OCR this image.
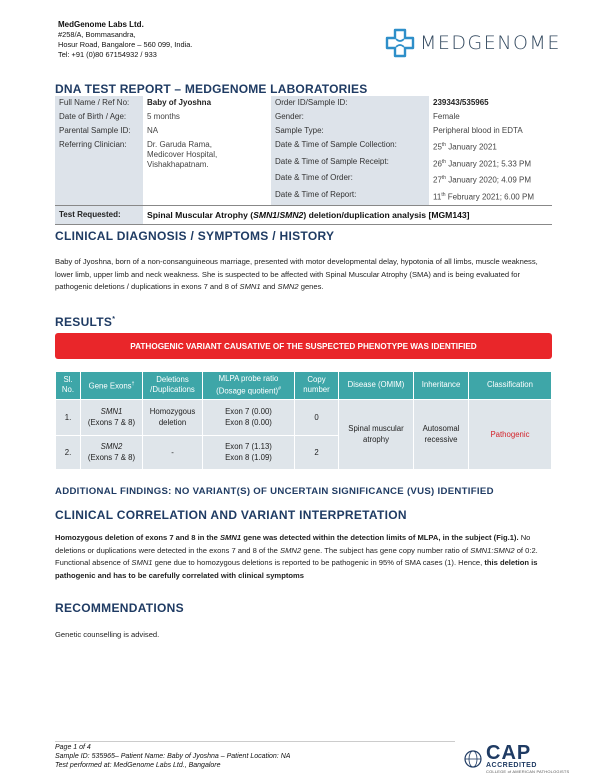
MedGenome Labs Ltd.
#258/A, Bommasandra,
Hosur Road, Bangalore – 560 099, India.
Tel: +91 (0)80 67154932 / 933
MEDGENOME
DNA TEST REPORT – MEDGENOME LABORATORIES
Full Name / Ref No:	Baby of Jyoshna	Order ID/Sample ID:	239343/535965
Date of Birth / Age:	5 months	Gender:	Female
Parental Sample ID:	NA	Sample Type:	Peripheral blood in EDTA
Referring Clinician:	Dr. Garuda Rama,
Medicover Hospital,
Vishakhapatnam.	Date & Time of Sample Collection:	25th January 2021
		Date & Time of Sample Receipt:	26th January 2021; 5.33 PM
		Date & Time of Order:	27th January 2020; 4.09 PM
		Date & Time of Report:	11th February 2021; 6.00 PM
Test Requested:	Spinal Muscular Atrophy (SMN1/SMN2) deletion/duplication analysis [MGM143]		
CLINICAL DIAGNOSIS / SYMPTOMS / HISTORY

Baby of Jyoshna, born of a non-consanguineous marriage, presented with motor developmental delay, hypotonia of all limbs, muscle weakness, lower limb, upper limb and neck weakness. She is suspected to be affected with Spinal Muscular Atrophy (SMA) and is being evaluated for pathogenic deletions / duplications in exons 7 and 8 of SMN1 and SMN2 genes.

RESULTS*
PATHOGENIC VARIANT CAUSATIVE OF THE SUSPECTED PHENOTYPE WAS IDENTIFIED
Sl. No.	Gene Exons†	Deletions /Duplications	MLPA probe ratio (Dosage quotient)#	Copy number	Disease (OMIM)	Inheritance	Classification
1.	SMN1
(Exons 7 & 8)	Homozygous deletion	Exon 7 (0.00)
Exon 8 (0.00)	0	Spinal muscular atrophy	Autosomal recessive	Pathogenic
2.	SMN2
(Exons 7 & 8)	-	Exon 7 (1.13)
Exon 8 (1.09)	2			
ADDITIONAL FINDINGS: NO VARIANT(S) OF UNCERTAIN SIGNIFICANCE (VUS) IDENTIFIED
CLINICAL CORRELATION AND VARIANT INTERPRETATION

Homozygous deletion of exons 7 and 8 in the SMN1 gene was detected within the detection limits of MLPA, in the subject (Fig.1). No deletions or duplications were detected in the exons 7 and 8 of the SMN2 gene. The subject has gene copy number ratio of SMN1:SMN2 of 0:2. Functional absence of SMN1 gene due to homozygous deletions is reported to be pathogenic in 95% of SMA cases (1). Hence, this deletion is pathogenic and has to be carefully correlated with clinical symptoms

RECOMMENDATIONS

Genetic counselling is advised.

Page 1 of 4
Sample ID: 535965– Patient Name: Baby of Jyoshna – Patient Location: NA
Test performed at: MedGenome Labs Ltd., Bangalore
CAP
ACCREDITED
COLLEGE of AMERICAN PATHOLOGISTS
